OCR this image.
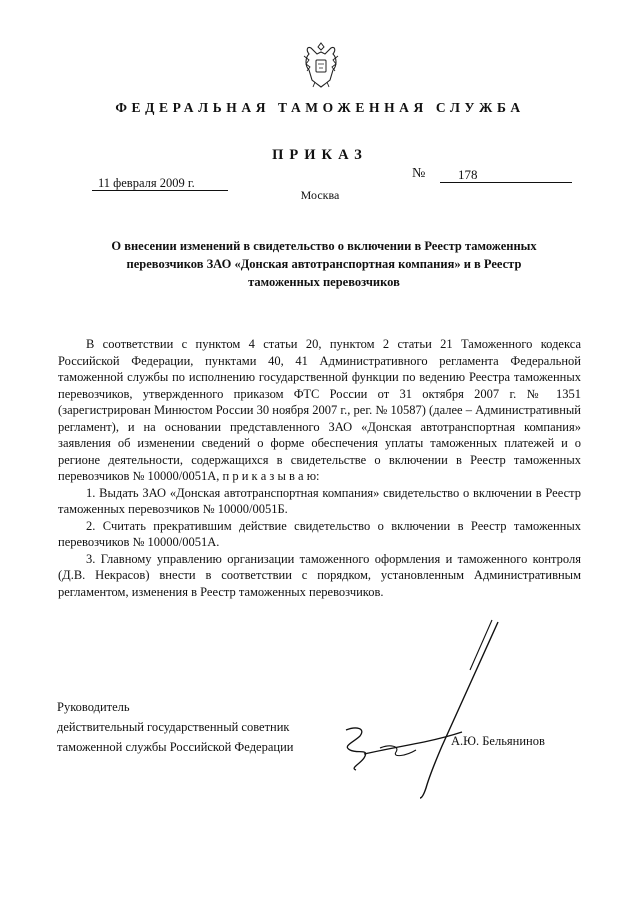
ФЕДЕРАЛЬНАЯ ТАМОЖЕННАЯ СЛУЖБА
ПРИКАЗ
11 февраля 2009 г.
Москва
№	178
О внесении изменений в свидетельство о включении в Реестр таможенных
перевозчиков ЗАО «Донская автотранспортная компания» и в Реестр
таможенных перевозчиков

В соответствии с пунктом 4 статьи 20, пунктом 2 статьи 21 Таможенного кодекса Российской Федерации, пунктами 40, 41 Административного регламента Федеральной таможенной службы по исполнению государственной функции по ведению Реестра таможенных перевозчиков, утвержденного приказом ФТС России от 31 октября 2007 г. № 1351 (зарегистрирован Минюстом России 30 ноября 2007 г., рег. № 10587) (далее – Административный регламент), и на основании представленного ЗАО «Донская автотранспортная компания» заявления об изменении сведений о форме обеспечения уплаты таможенных платежей и о регионе деятельности, содержащихся в свидетельстве о включении в Реестр таможенных перевозчиков № 10000/0051А, п р и к а з ы в а ю:

1. Выдать ЗАО «Донская автотранспортная компания» свидетельство о включении в Реестр таможенных перевозчиков № 10000/0051Б.

2. Считать прекратившим действие свидетельство о включении в Реестр таможенных перевозчиков № 10000/0051А.

3. Главному управлению организации таможенного оформления и таможенного контроля (Д.В. Некрасов) внести в соответствии с порядком, установленным Административным регламентом, изменения в Реестр таможенных перевозчиков.

Руководитель
действительный государственный советник
таможенной службы Российской Федерации	А.Ю. Бельянинов
